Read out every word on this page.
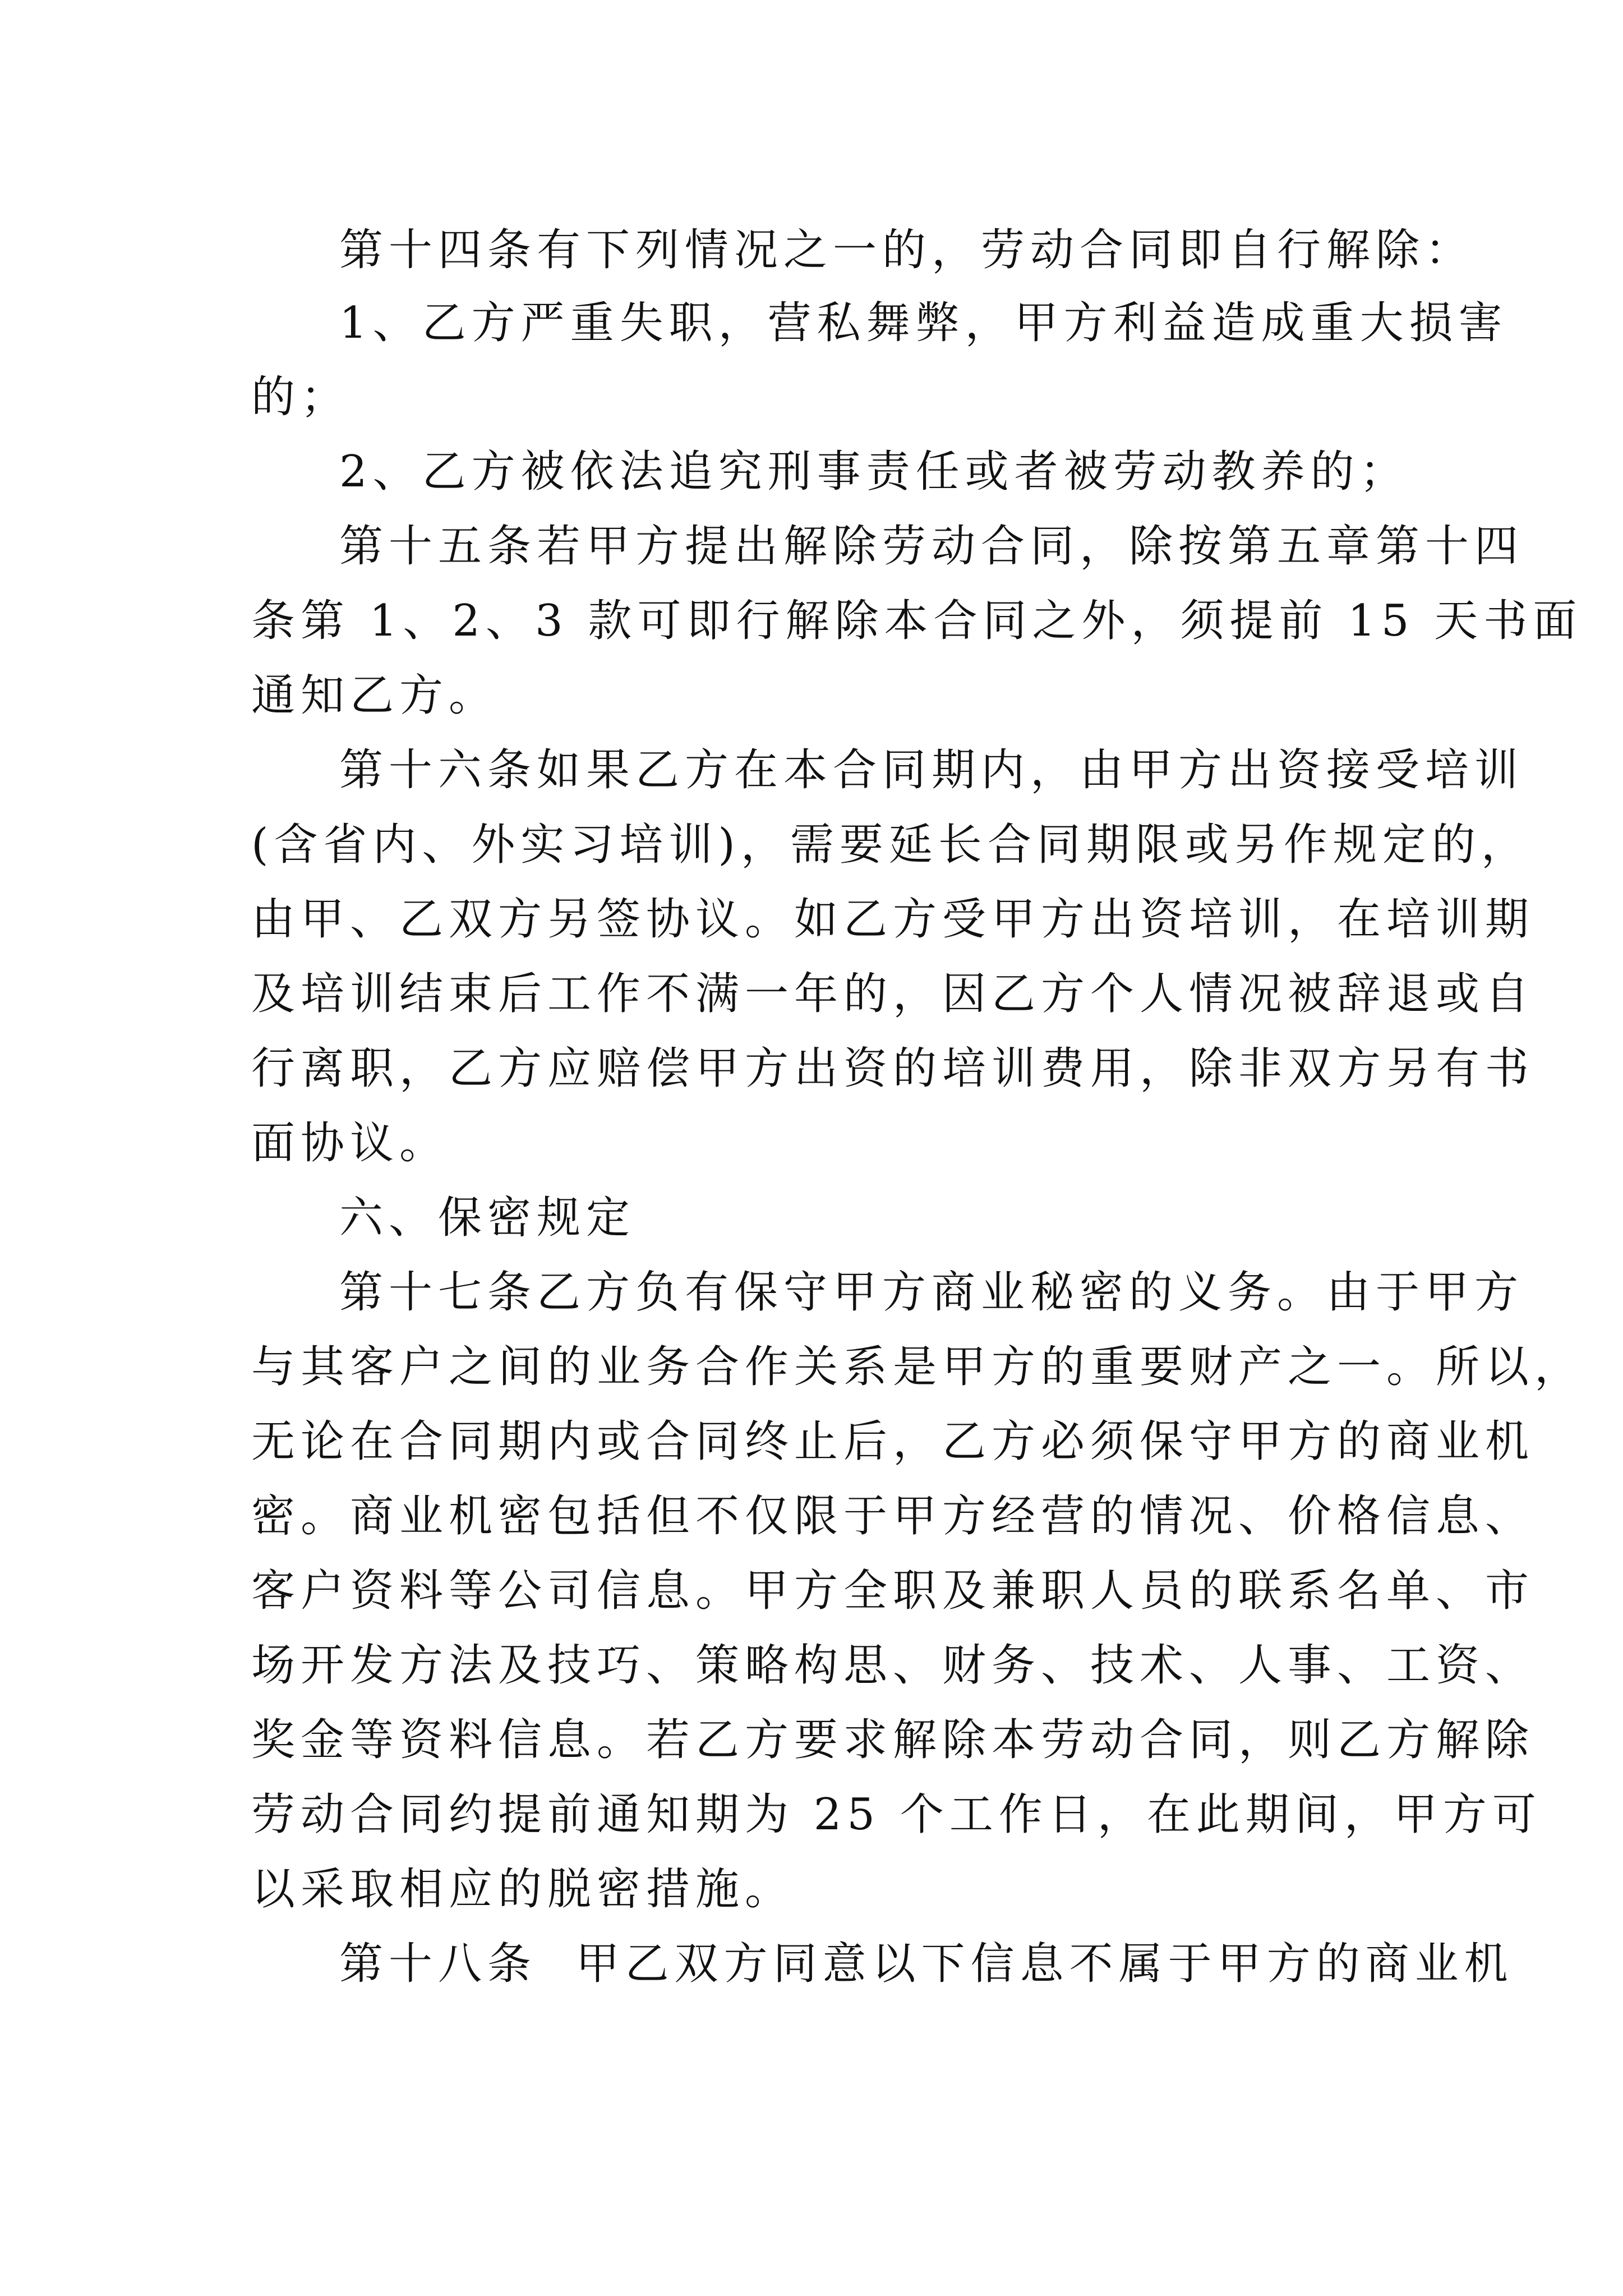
第十四条有下列情况之一的，劳动合同即自行解除：
1、乙方严重失职，营私舞弊，甲方利益造成重大损害
的；
2、乙方被依法追究刑事责任或者被劳动教养的；
第十五条若甲方提出解除劳动合同，除按第五章第十四
条第 1、2、3 款可即行解除本合同之外，须提前 15 天书面
通知乙方。
第十六条如果乙方在本合同期内，由甲方出资接受培训
(含省内、外实习培训)，需要延长合同期限或另作规定的，
由甲、乙双方另签协议。如乙方受甲方出资培训，在培训期
及培训结束后工作不满一年的，因乙方个人情况被辞退或自
行离职，乙方应赔偿甲方出资的培训费用，除非双方另有书
面协议。
六、保密规定
第十七条乙方负有保守甲方商业秘密的义务。由于甲方
与其客户之间的业务合作关系是甲方的重要财产之一。所以，
无论在合同期内或合同终止后，乙方必须保守甲方的商业机
密。商业机密包括但不仅限于甲方经营的情况、价格信息、
客户资料等公司信息。甲方全职及兼职人员的联系名单、市
场开发方法及技巧、策略构思、财务、技术、人事、工资、
奖金等资料信息。若乙方要求解除本劳动合同，则乙方解除
劳动合同约提前通知期为 25 个工作日，在此期间，甲方可
以采取相应的脱密措施。
第十八条  甲乙双方同意以下信息不属于甲方的商业机
